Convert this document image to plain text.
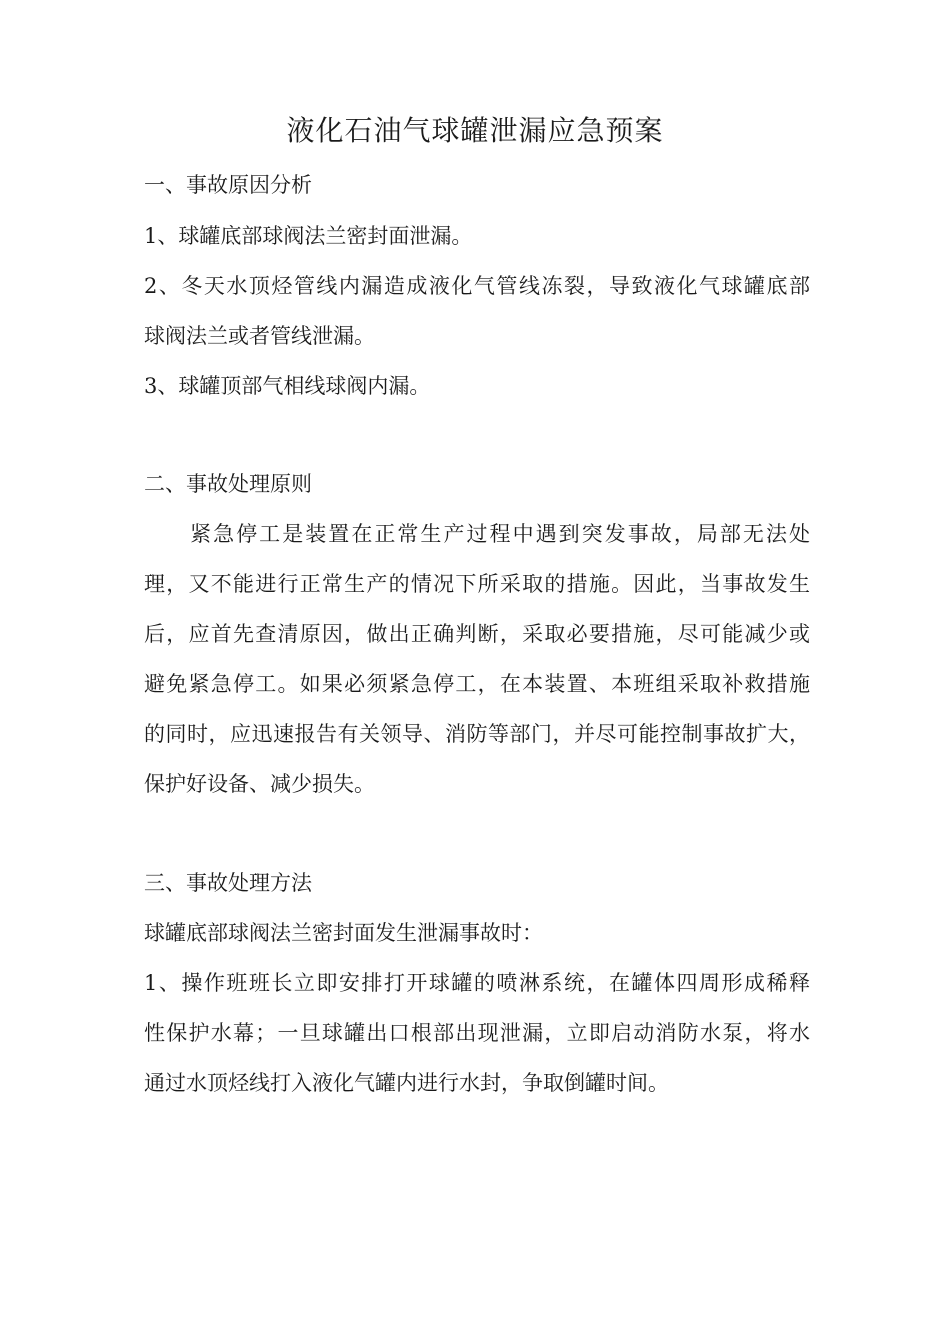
液化石油气球罐泄漏应急预案
一、事故原因分析
1、球罐底部球阀法兰密封面泄漏。
2、冬天水顶烃管线内漏造成液化气管线冻裂，导致液化气球罐底部
球阀法兰或者管线泄漏。
3、球罐顶部气相线球阀内漏。
二、事故处理原则
　　紧急停工是装置在正常生产过程中遇到突发事故，局部无法处
理，又不能进行正常生产的情况下所采取的措施。因此，当事故发生
后，应首先查清原因，做出正确判断，采取必要措施，尽可能减少或
避免紧急停工。如果必须紧急停工，在本装置、本班组采取补救措施
的同时，应迅速报告有关领导、消防等部门，并尽可能控制事故扩大，
保护好设备、减少损失。
三、事故处理方法
球罐底部球阀法兰密封面发生泄漏事故时：
1、操作班班长立即安排打开球罐的喷淋系统，在罐体四周形成稀释
性保护水幕；一旦球罐出口根部出现泄漏，立即启动消防水泵，将水
通过水顶烃线打入液化气罐内进行水封，争取倒罐时间。
